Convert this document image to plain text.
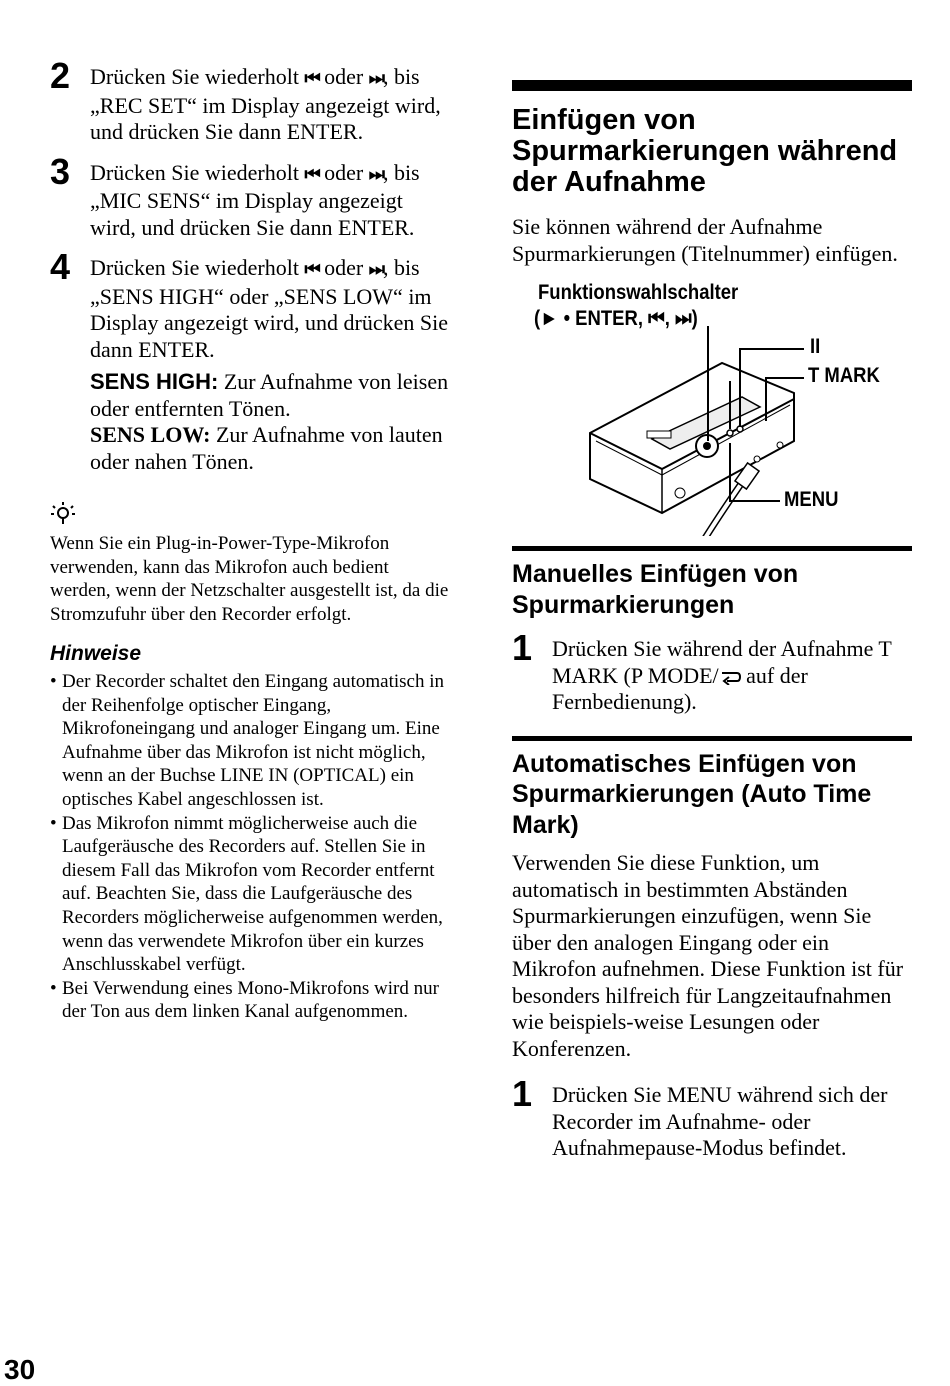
2 Drücken Sie wiederholt ⏮ oder ⏭, bis „REC SET“ im Display angezeigt wird, und drücken Sie dann ENTER.
3 Drücken Sie wiederholt ⏮ oder ⏭, bis „MIC SENS“ im Display angezeigt wird, und drücken Sie dann ENTER.
4 Drücken Sie wiederholt ⏮ oder ⏭, bis „SENS HIGH“ oder „SENS LOW“ im Display angezeigt wird, und drücken Sie dann ENTER.
SENS HIGH: Zur Aufnahme von leisen oder entfernten Tönen.
SENS LOW: Zur Aufnahme von lauten oder nahen Tönen.
Wenn Sie ein Plug-in-Power-Type-Mikrofon verwenden, kann das Mikrofon auch bedient werden, wenn der Netzschalter ausgestellt ist, da die Stromzufuhr über den Recorder erfolgt.
Hinweise
• Der Recorder schaltet den Eingang automatisch in der Reihenfolge optischer Eingang, Mikrofoneingang und analoger Eingang um. Eine Aufnahme über das Mikrofon ist nicht möglich, wenn an der Buchse LINE IN (OPTICAL) ein optisches Kabel angeschlossen ist.
• Das Mikrofon nimmt möglicherweise auch die Laufgeräusche des Recorders auf. Stellen Sie in diesem Fall das Mikrofon vom Recorder entfernt auf. Beachten Sie, dass die Laufgeräusche des Recorders möglicherweise aufgenommen werden, wenn das verwendete Mikrofon über ein kurzes Anschlusskabel verfügt.
• Bei Verwendung eines Mono-Mikrofons wird nur der Ton aus dem linken Kanal aufgenommen.
Einfügen von Spurmarkierungen während der Aufnahme
Sie können während der Aufnahme Spurmarkierungen (Titelnummer) einfügen.
Funktionswahlschalter
(► • ENTER, ⏮, ⏭)
II
T MARK
MENU
Manuelles Einfügen von Spurmarkierungen
1 Drücken Sie während der Aufnahme T MARK (P MODE/ auf der Fernbedienung).
Automatisches Einfügen von Spurmarkierungen (Auto Time Mark)
Verwenden Sie diese Funktion, um automatisch in bestimmten Abständen Spurmarkierungen einzufügen, wenn Sie über den analogen Eingang oder ein Mikrofon aufnehmen. Diese Funktion ist für besonders hilfreich für Langzeitaufnahmen wie beispiels-weise Lesungen oder Konferenzen.
1 Drücken Sie MENU während sich der Recorder im Aufnahme- oder Aufnahmepause-Modus befindet.
30
